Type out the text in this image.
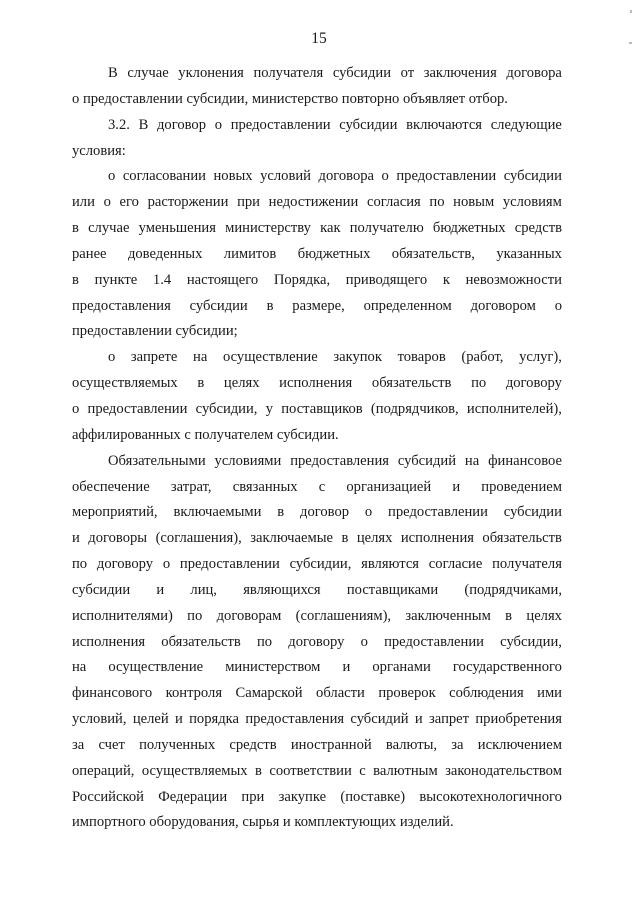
15
В случае уклонения получателя субсидии от заключения договора
о предоставлении субсидии, министерство повторно объявляет отбор.
3.2. В договор о предоставлении субсидии включаются следующие
условия:
о согласовании новых условий договора о предоставлении субсидии
или о его расторжении при недостижении согласия по новым условиям
в случае уменьшения министерству как получателю бюджетных средств
ранее доведенных лимитов бюджетных обязательств, указанных
в пункте 1.4 настоящего Порядка, приводящего к невозможности
предоставления субсидии в размере, определенном договором о
предоставлении субсидии;
о запрете на осуществление закупок товаров (работ, услуг),
осуществляемых в целях исполнения обязательств по договору
о предоставлении субсидии, у поставщиков (подрядчиков, исполнителей),
аффилированных с получателем субсидии.
Обязательными условиями предоставления субсидий на финансовое
обеспечение затрат, связанных с организацией и проведением
мероприятий, включаемыми в договор о предоставлении субсидии
и договоры (соглашения), заключаемые в целях исполнения обязательств
по договору о предоставлении субсидии, являются согласие получателя
субсидии и лиц, являющихся поставщиками (подрядчиками,
исполнителями) по договорам (соглашениям), заключенным в целях
исполнения обязательств по договору о предоставлении субсидии,
на осуществление министерством и органами государственного
финансового контроля Самарской области проверок соблюдения ими
условий, целей и порядка предоставления субсидий и запрет приобретения
за счет полученных средств иностранной валюты, за исключением
операций, осуществляемых в соответствии с валютным законодательством
Российской Федерации при закупке (поставке) высокотехнологичного
импортного оборудования, сырья и комплектующих изделий.
